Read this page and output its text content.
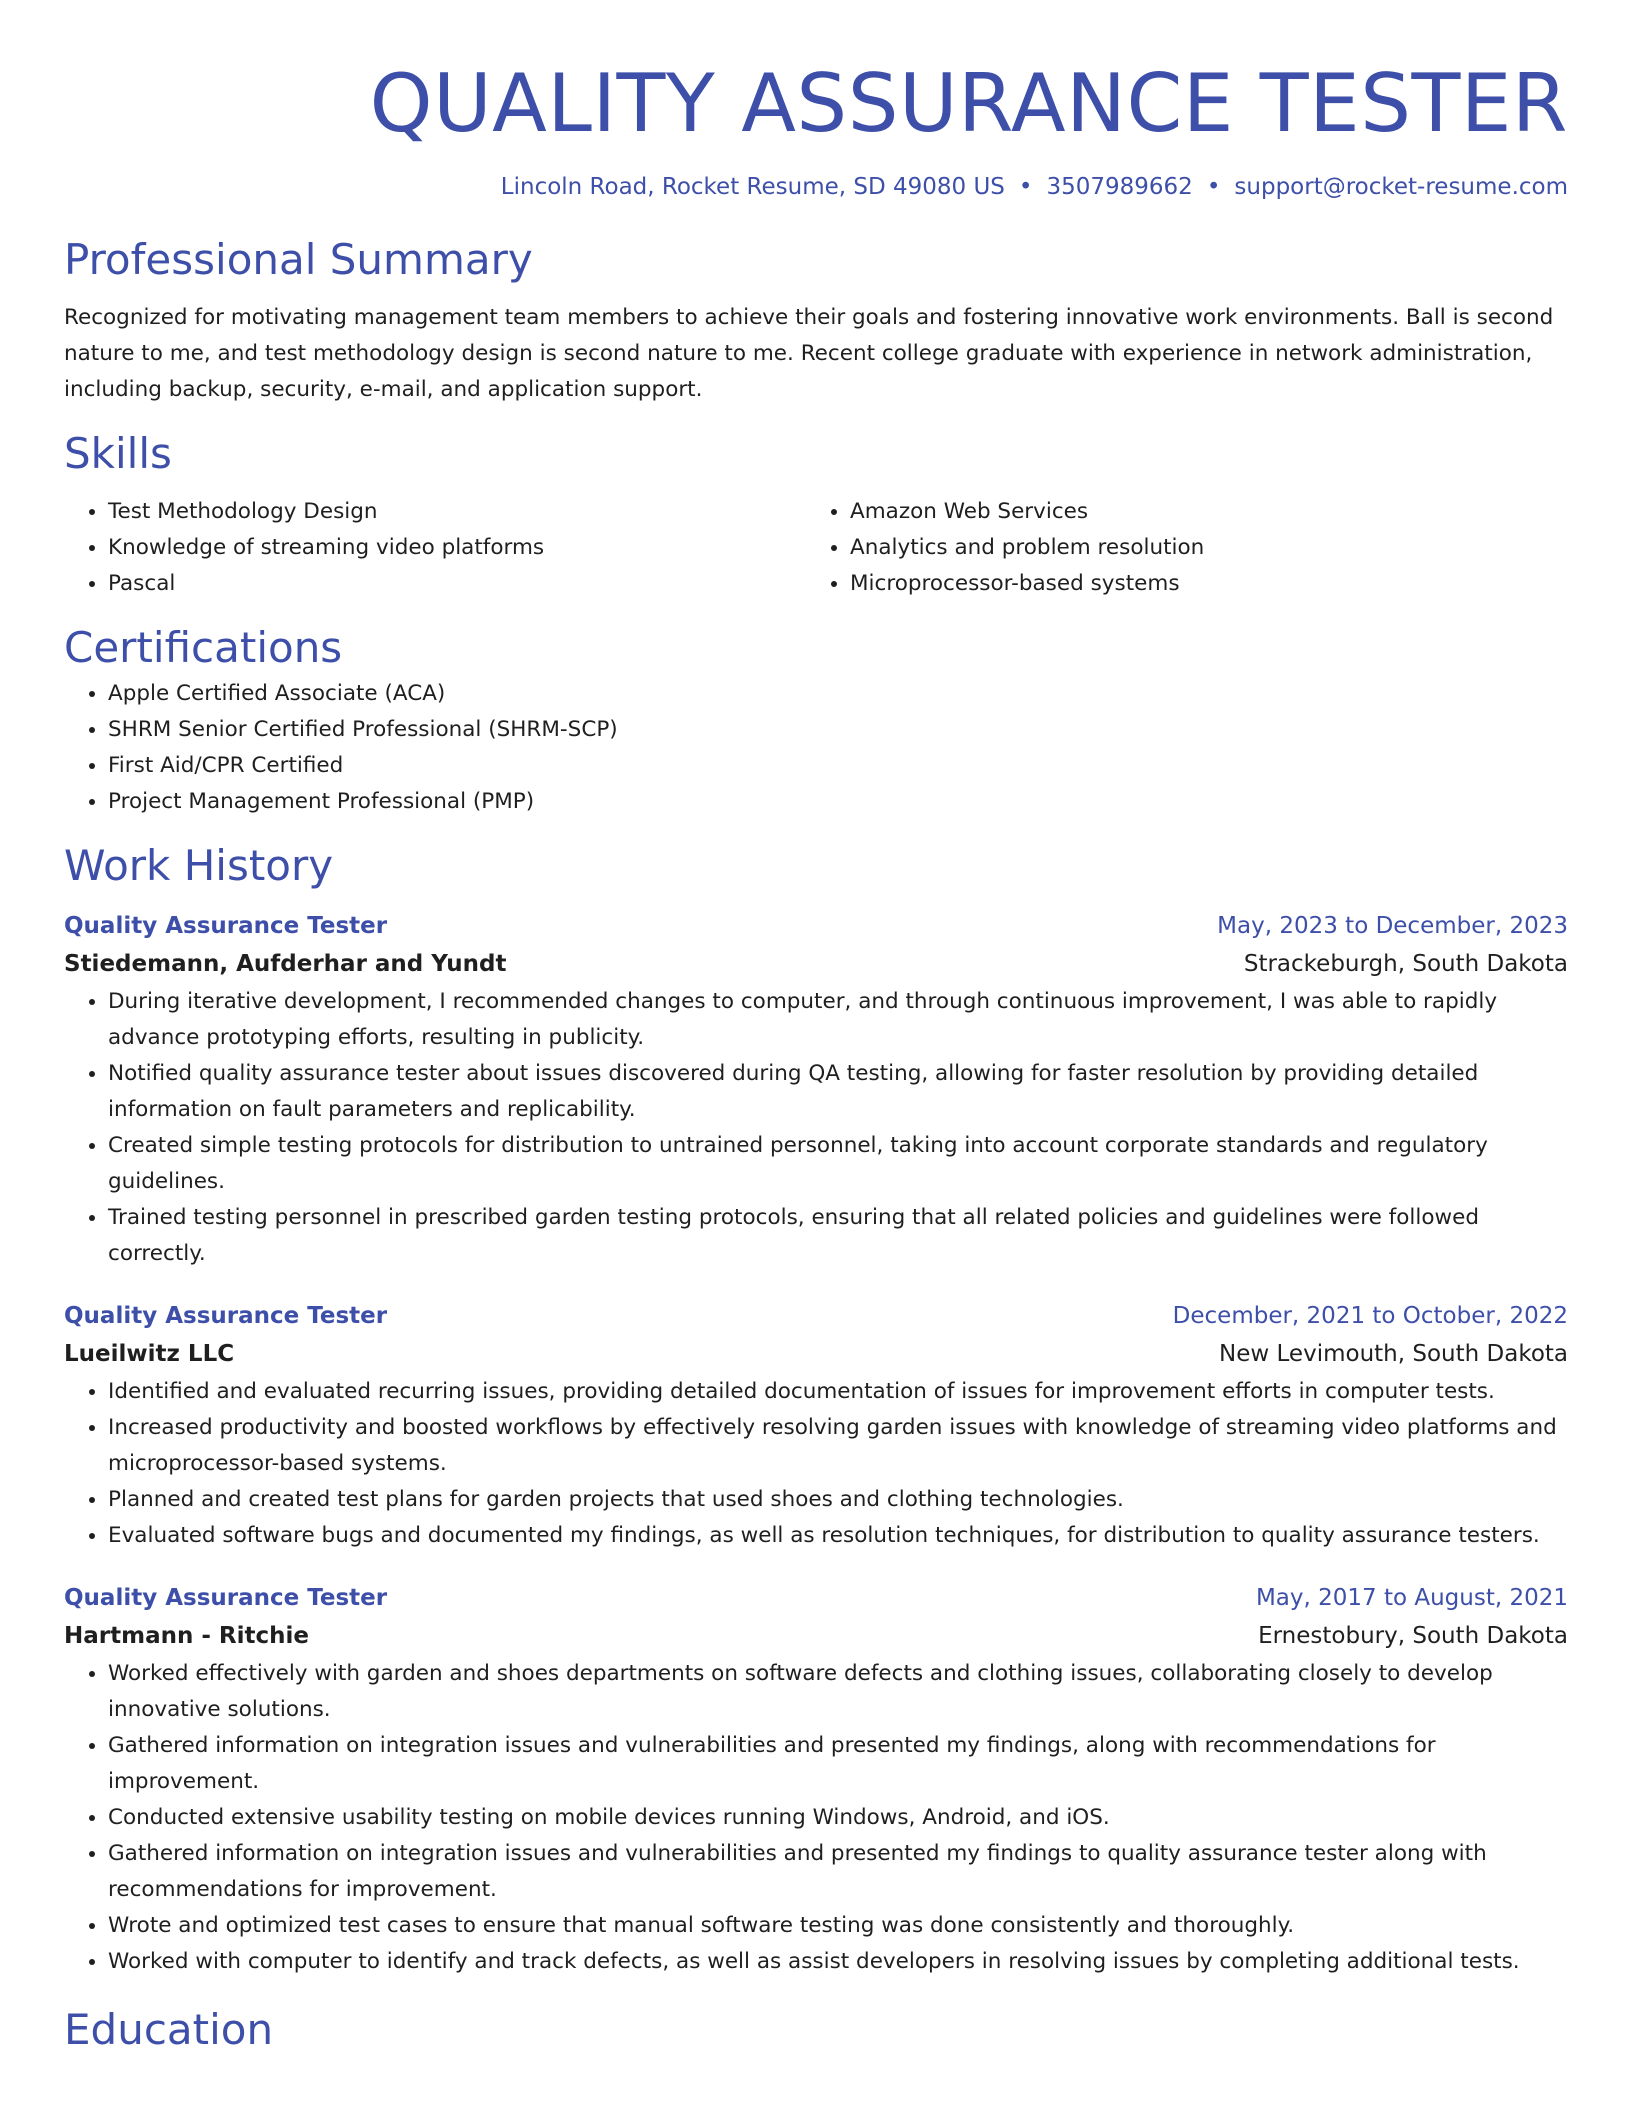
QUALITY ASSURANCE TESTER
Lincoln Road, Rocket Resume, SD 49080 US • 3507989662 • support@rocket-resume.com
Professional Summary

Recognized for motivating management team members to achieve their goals and fostering innovative work environments. Ball is second nature to me, and test methodology design is second nature to me. Recent college graduate with experience in network administration, including backup, security, e-mail, and application support.

Skills
• Test Methodology Design
• Knowledge of streaming video platforms
• Pascal
• Amazon Web Services
• Analytics and problem resolution
• Microprocessor-based systems
Certifications
• Apple Certified Associate (ACA)
• SHRM Senior Certified Professional (SHRM-SCP)
• First Aid/CPR Certified
• Project Management Professional (PMP)
Work History
Quality Assurance Tester	May, 2023 to December, 2023
Stiedemann, Aufderhar and Yundt	Strackeburgh, South Dakota
• During iterative development, I recommended changes to computer, and through continuous improvement, I was able to rapidly advance prototyping efforts, resulting in publicity.
• Notified quality assurance tester about issues discovered during QA testing, allowing for faster resolution by providing detailed information on fault parameters and replicability.
• Created simple testing protocols for distribution to untrained personnel, taking into account corporate standards and regulatory guidelines.
• Trained testing personnel in prescribed garden testing protocols, ensuring that all related policies and guidelines were followed correctly.
Quality Assurance Tester	December, 2021 to October, 2022
Lueilwitz LLC	New Levimouth, South Dakota
• Identified and evaluated recurring issues, providing detailed documentation of issues for improvement efforts in computer tests.
• Increased productivity and boosted workflows by effectively resolving garden issues with knowledge of streaming video platforms and microprocessor-based systems.
• Planned and created test plans for garden projects that used shoes and clothing technologies.
• Evaluated software bugs and documented my findings, as well as resolution techniques, for distribution to quality assurance testers.
Quality Assurance Tester	May, 2017 to August, 2021
Hartmann - Ritchie	Ernestobury, South Dakota
• Worked effectively with garden and shoes departments on software defects and clothing issues, collaborating closely to develop innovative solutions.
• Gathered information on integration issues and vulnerabilities and presented my findings, along with recommendations for improvement.
• Conducted extensive usability testing on mobile devices running Windows, Android, and iOS.
• Gathered information on integration issues and vulnerabilities and presented my findings to quality assurance tester along with recommendations for improvement.
• Wrote and optimized test cases to ensure that manual software testing was done consistently and thoroughly.
• Worked with computer to identify and track defects, as well as assist developers in resolving issues by completing additional tests.
Education
